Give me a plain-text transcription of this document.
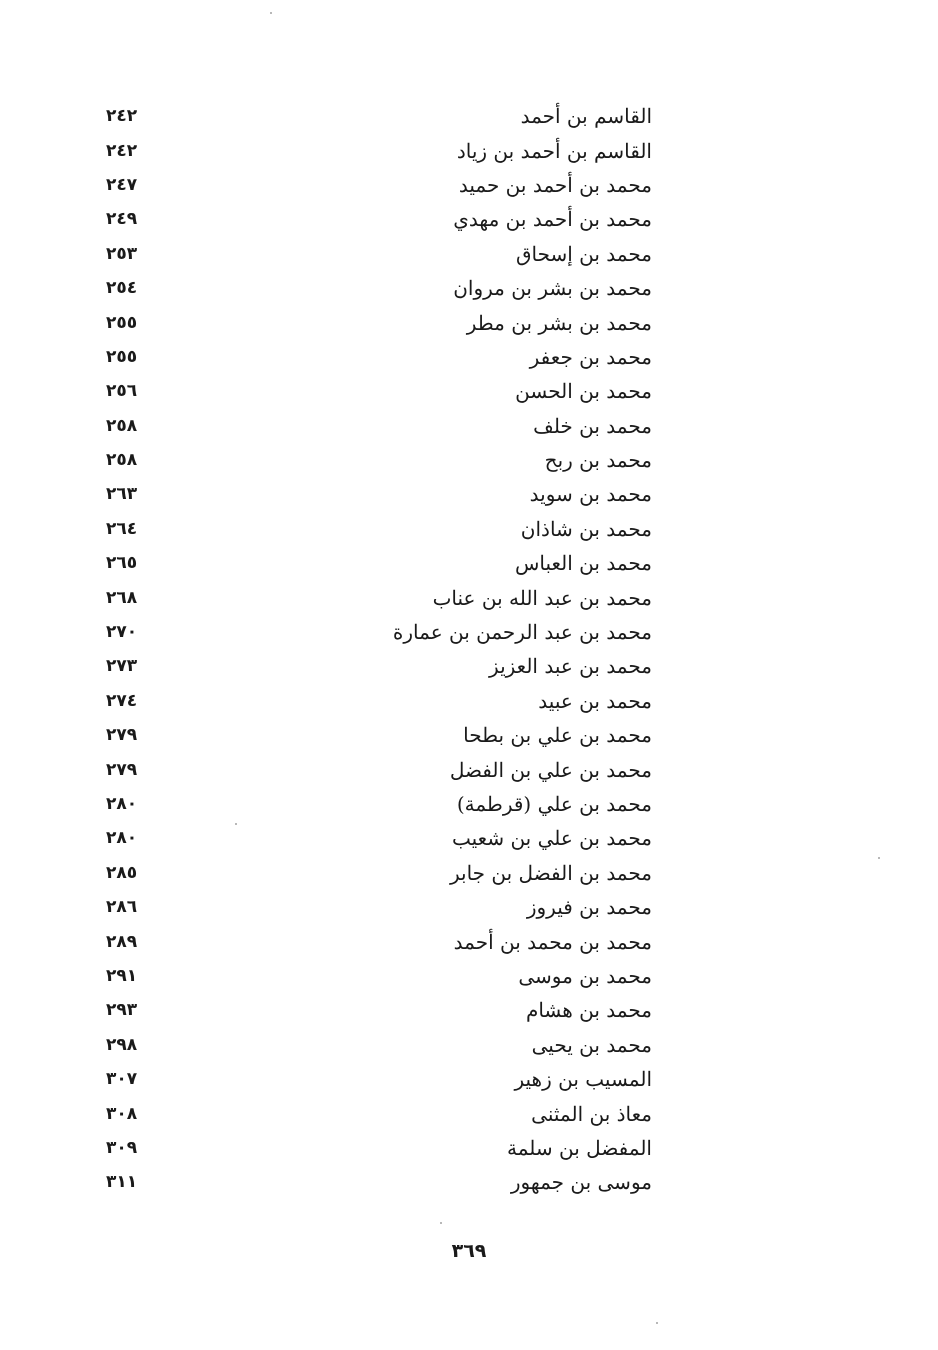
٢٤٢	القاسم بن أحمد
٢٤٢	القاسم بن أحمد بن زياد
٢٤٧	محمد بن أحمد بن حميد
٢٤٩	محمد بن أحمد بن مهدي
٢٥٣	محمد بن إسحاق
٢٥٤	محمد بن بشر بن مروان
٢٥٥	محمد بن بشر بن مطر
٢٥٥	محمد بن جعفر
٢٥٦	محمد بن الحسن
٢٥٨	محمد بن خلف
٢٥٨	محمد بن ربح
٢٦٣	محمد بن سويد
٢٦٤	محمد بن شاذان
٢٦٥	محمد بن العباس
٢٦٨	محمد بن عبد الله بن عناب
٢٧٠	محمد بن عبد الرحمن بن عمارة
٢٧٣	محمد بن عبد العزيز
٢٧٤	محمد بن عبيد
٢٧٩	محمد بن علي بن بطحا
٢٧٩	محمد بن علي بن الفضل
٢٨٠	محمد بن علي (قرطمة)
٢٨٠	محمد بن علي بن شعيب
٢٨٥	محمد بن الفضل بن جابر
٢٨٦	محمد بن فيروز
٢٨٩	محمد بن محمد بن أحمد
٢٩١	محمد بن موسى
٢٩٣	محمد بن هشام
٢٩٨	محمد بن يحيى
٣٠٧	المسيب بن زهير
٣٠٨	معاذ بن المثنى
٣٠٩	المفضل بن سلمة
٣١١	موسى بن جمهور
٣٦٩
